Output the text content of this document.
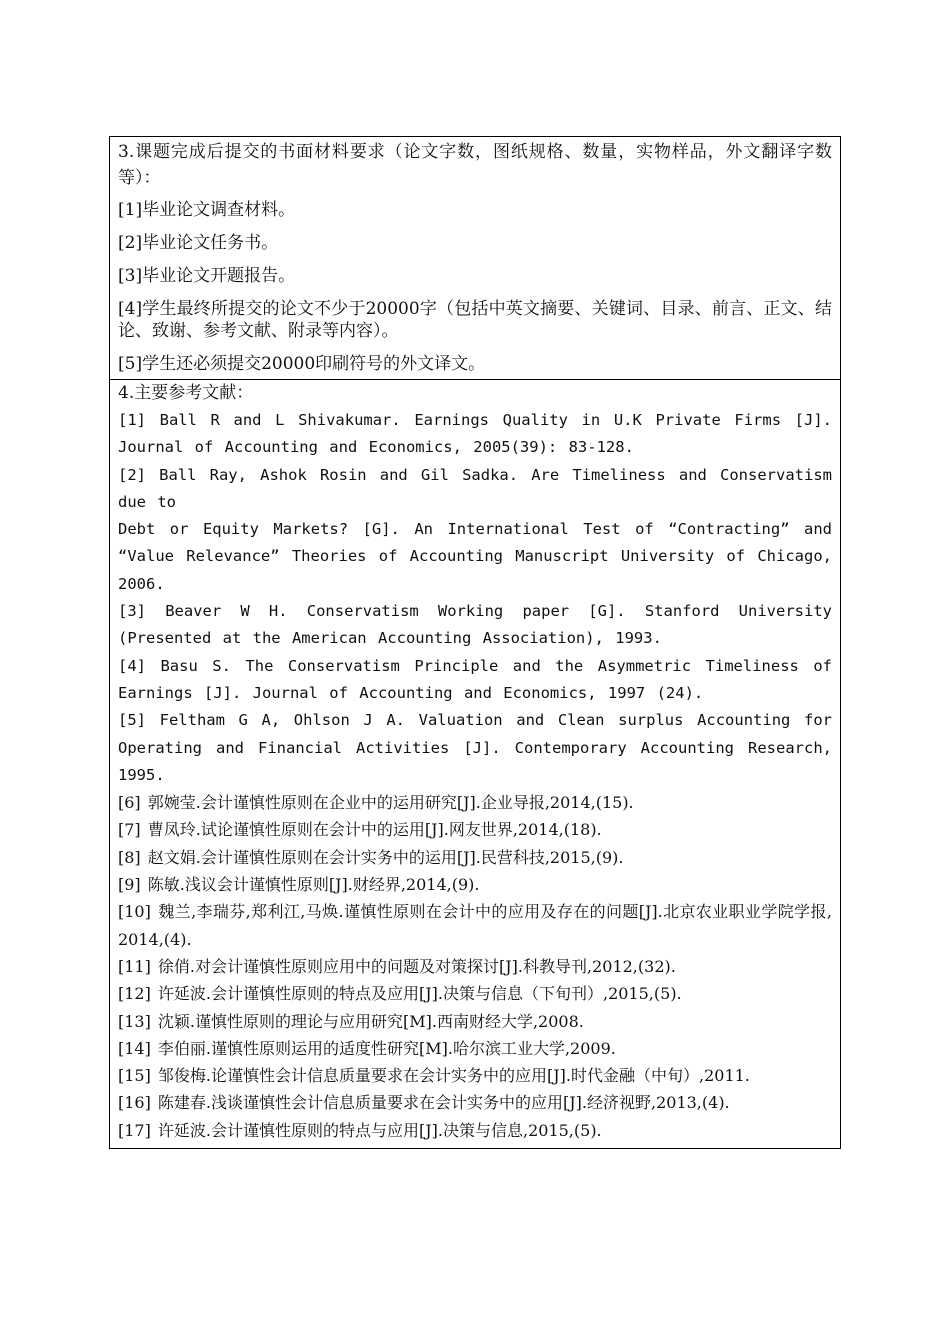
3.课题完成后提交的书面材料要求（论文字数，图纸规格、数量，实物样品，外文翻译字数等）：

[1]毕业论文调查材料。

[2]毕业论文任务书。

[3]毕业论文开题报告。

[4]学生最终所提交的论文不少于20000字（包括中英文摘要、关键词、目录、前言、正文、结论、致谢、参考文献、附录等内容）。

[5]学生还必须提交20000印刷符号的外文译文。

4.主要参考文献：

[1] Ball R and L Shivakumar. Earnings Quality in U.K Private Firms [J]. Journal of Accounting and Economics, 2005(39): 83-128.

[2] Ball Ray, Ashok Rosin and Gil Sadka. Are Timeliness and Conservatism due to

Debt or Equity Markets? [G]. An International Test of “Contracting” and “Value Relevance” Theories of Accounting Manuscript University of Chicago, 2006.

[3] Beaver W H. Conservatism Working paper [G]. Stanford University (Presented at the American Accounting Association), 1993.

[4] Basu S. The Conservatism Principle and the Asymmetric Timeliness of Earnings [J]. Journal of Accounting and Economics, 1997 (24).

[5] Feltham G A, Ohlson J A. Valuation and Clean surplus Accounting for Operating and Financial Activities [J]. Contemporary Accounting Research, 1995.

[6] 郭婉莹.会计谨慎性原则在企业中的运用研究[J].企业导报,2014,(15).

[7] 曹凤玲.试论谨慎性原则在会计中的运用[J].网友世界,2014,(18).

[8] 赵文娟.会计谨慎性原则在会计实务中的运用[J].民营科技,2015,(9).

[9] 陈敏.浅议会计谨慎性原则[J].财经界,2014,(9).

[10] 魏兰,李瑞芬,郑利江,马焕.谨慎性原则在会计中的应用及存在的问题[J].北京农业职业学院学报, 2014,(4).

[11] 徐俏.对会计谨慎性原则应用中的问题及对策探讨[J].科教导刊,2012,(32).

[12] 许延波.会计谨慎性原则的特点及应用[J].决策与信息（下旬刊）,2015,(5).

[13] 沈颖.谨慎性原则的理论与应用研究[M].西南财经大学,2008.

[14] 李伯丽.谨慎性原则运用的适度性研究[M].哈尔滨工业大学,2009.

[15] 邹俊梅.论谨慎性会计信息质量要求在会计实务中的应用[J].时代金融（中旬）,2011.

[16] 陈建春.浅谈谨慎性会计信息质量要求在会计实务中的应用[J].经济视野,2013,(4).

[17] 许延波.会计谨慎性原则的特点与应用[J].决策与信息,2015,(5).
